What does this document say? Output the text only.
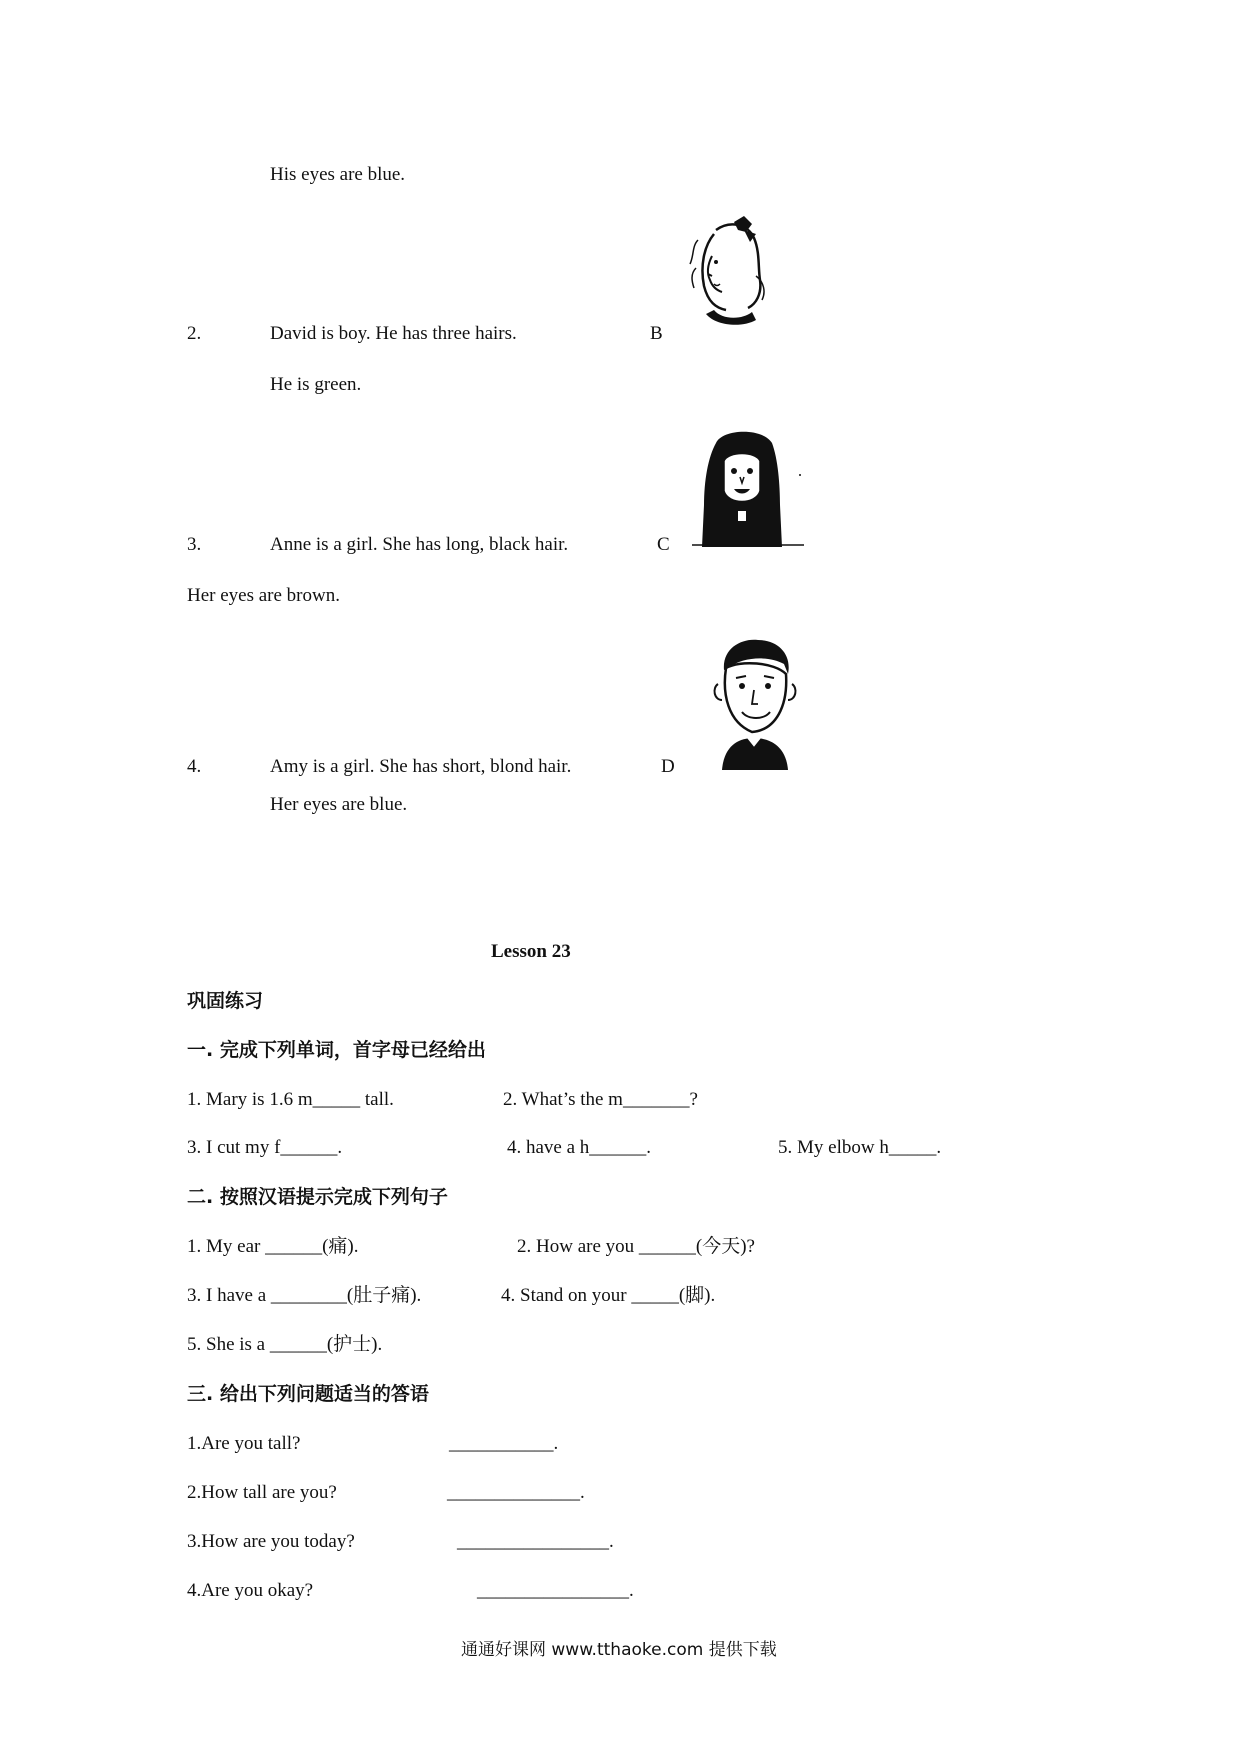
His eyes are blue.
2.	David is boy. He has three hairs.	B
He is green.
3.	Anne is a girl. She has long, black hair.	C
Her eyes are brown.
4.	Amy is a girl. She has short, blond hair.	D
Her eyes are blue.
Lesson 23
巩固练习
一. 完成下列单词，首字母已经给出
1. Mary is 1.6 m_____ tall.	2. What’s the m_______?
3. I cut my f______.	4. have a h______.	5. My elbow h_____.
二. 按照汉语提示完成下列句子
1. My ear ______(痛).	2. How are you ______(今天)?
3. I have a ________(肚子痛).	4. Stand on your _____(脚).
5. She is a ______(护士).
三. 给出下列问题适当的答语
1.Are you tall?	___________.
2.How tall are you?	______________.
3.How are you today?	________________.
4.Are you okay?	________________.
通通好课网 www.tthaoke.com 提供下载
